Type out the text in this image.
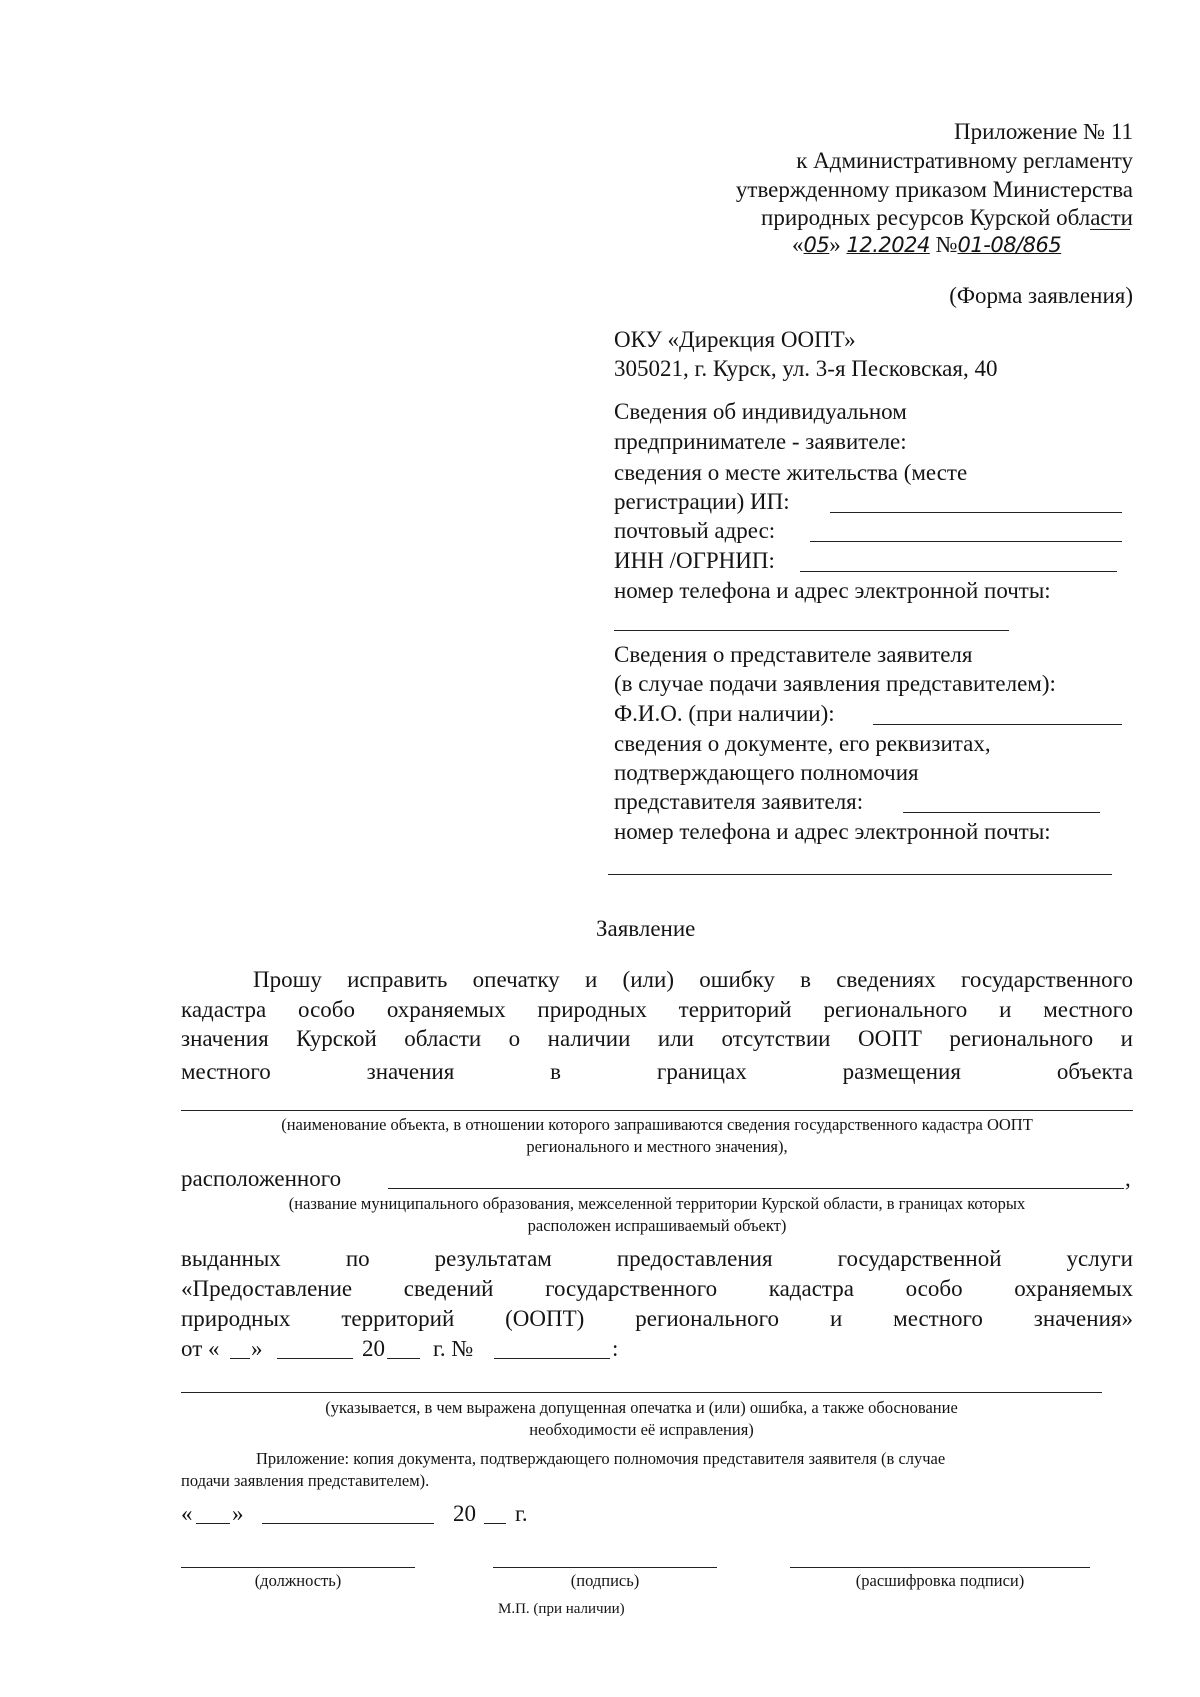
Приложение № 11
к Административному регламенту
утвержденному приказом Министерства
природных ресурсов Курской области
«05» 12.2024 №01-08/865
(Форма заявления)
ОКУ «Дирекция ООПТ»
305021, г. Курск, ул. 3-я Песковская, 40
Сведения об индивидуальном
предпринимателе - заявителе:
сведения о месте жительства (месте
регистрации) ИП:
почтовый адрес:
ИНН /ОГРНИП:
номер телефона и адрес электронной почты:
Сведения о представителе заявителя
(в случае подачи заявления представителем):
Ф.И.О. (при наличии):
сведения о документе, его реквизитах,
подтверждающего полномочия
представителя заявителя:
номер телефона и адрес электронной почты:
Заявление
Прошу исправить опечатку и (или) ошибку в сведениях государственного
кадастра особо охраняемых природных территорий регионального и местного
значения Курской области о наличии или отсутствии ООПТ регионального и
местного	значения	в	границах	размещения	объекта
(наименование объекта, в отношении которого запрашиваются сведения государственного кадастра ООПТ
регионального и местного значения),
расположенного	,
(название муниципального образования, межселенной территории Курской области, в границах которых
расположен испрашиваемый объект)
выданных	по	результатам	предоставления	государственной	услуги
«Предоставление сведений государственного кадастра особо охраняемых
природных территорий (ООПТ) регионального и местного значения»
от « »	20 г. №	:
(указывается, в чем выражена допущенная опечатка и (или) ошибка, а также обоснование
необходимости её исправления)
Приложение: копия документа, подтверждающего полномочия представителя заявителя (в случае
подачи заявления представителем).
« »	20 г.
(должность)	(подпись)	(расшифровка подписи)
М.П. (при наличии)
